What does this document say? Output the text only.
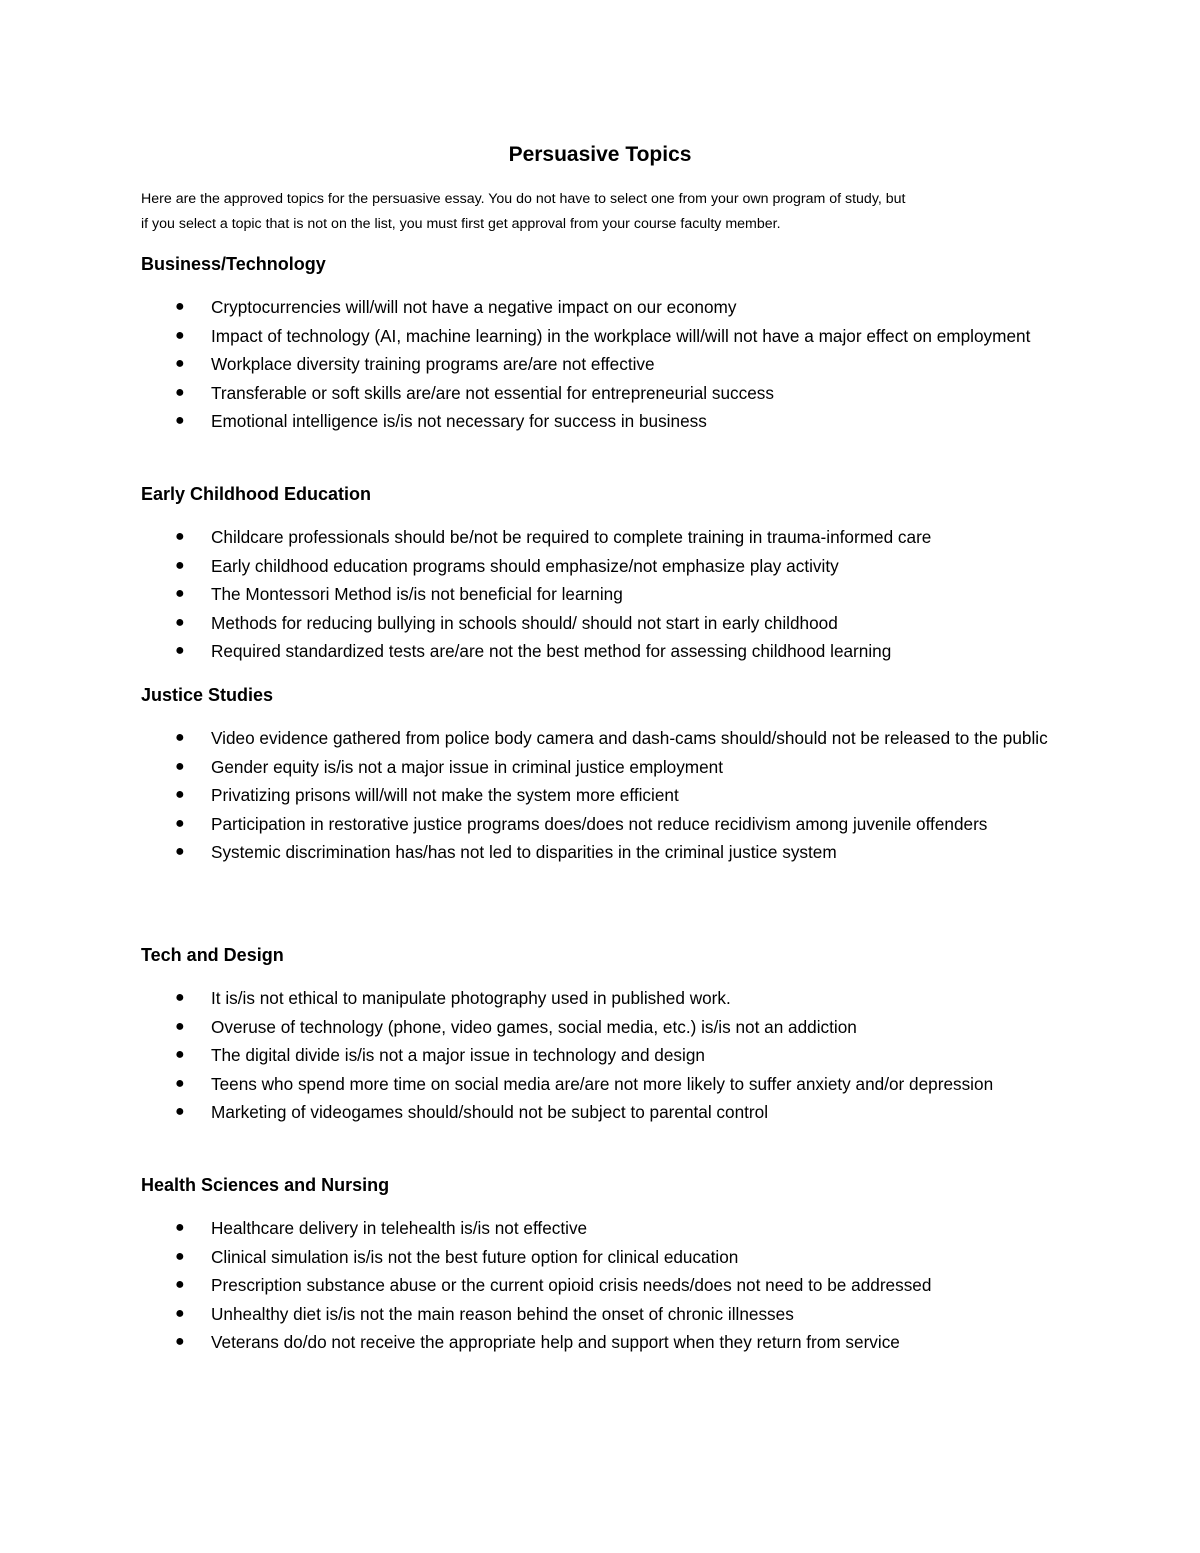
Persuasive Topics

Here are the approved topics for the persuasive essay. You do not have to select one from your own program of study, but
if you select a topic that is not on the list, you must first get approval from your course faculty member.

Business/Technology
● Cryptocurrencies will/will not have a negative impact on our economy
● Impact of technology (AI, machine learning) in the workplace will/will not have a major effect on employment
● Workplace diversity training programs are/are not effective
● Transferable or soft skills are/are not essential for entrepreneurial success
● Emotional intelligence is/is not necessary for success in business
Early Childhood Education
● Childcare professionals should be/not be required to complete training in trauma-informed care
● Early childhood education programs should emphasize/not emphasize play activity
● The Montessori Method is/is not beneficial for learning
● Methods for reducing bullying in schools should/ should not start in early childhood
● Required standardized tests are/are not the best method for assessing childhood learning
Justice Studies
● Video evidence gathered from police body camera and dash-cams should/should not be released to the public
● Gender equity is/is not a major issue in criminal justice employment
● Privatizing prisons will/will not make the system more efficient
● Participation in restorative justice programs does/does not reduce recidivism among juvenile offenders
● Systemic discrimination has/has not led to disparities in the criminal justice system
Tech and Design
● It is/is not ethical to manipulate photography used in published work.
● Overuse of technology (phone, video games, social media, etc.) is/is not an addiction
● The digital divide is/is not a major issue in technology and design
● Teens who spend more time on social media are/are not more likely to suffer anxiety and/or depression
● Marketing of videogames should/should not be subject to parental control
Health Sciences and Nursing
● Healthcare delivery in telehealth is/is not effective
● Clinical simulation is/is not the best future option for clinical education
● Prescription substance abuse or the current opioid crisis needs/does not need to be addressed
● Unhealthy diet is/is not the main reason behind the onset of chronic illnesses
● Veterans do/do not receive the appropriate help and support when they return from service
